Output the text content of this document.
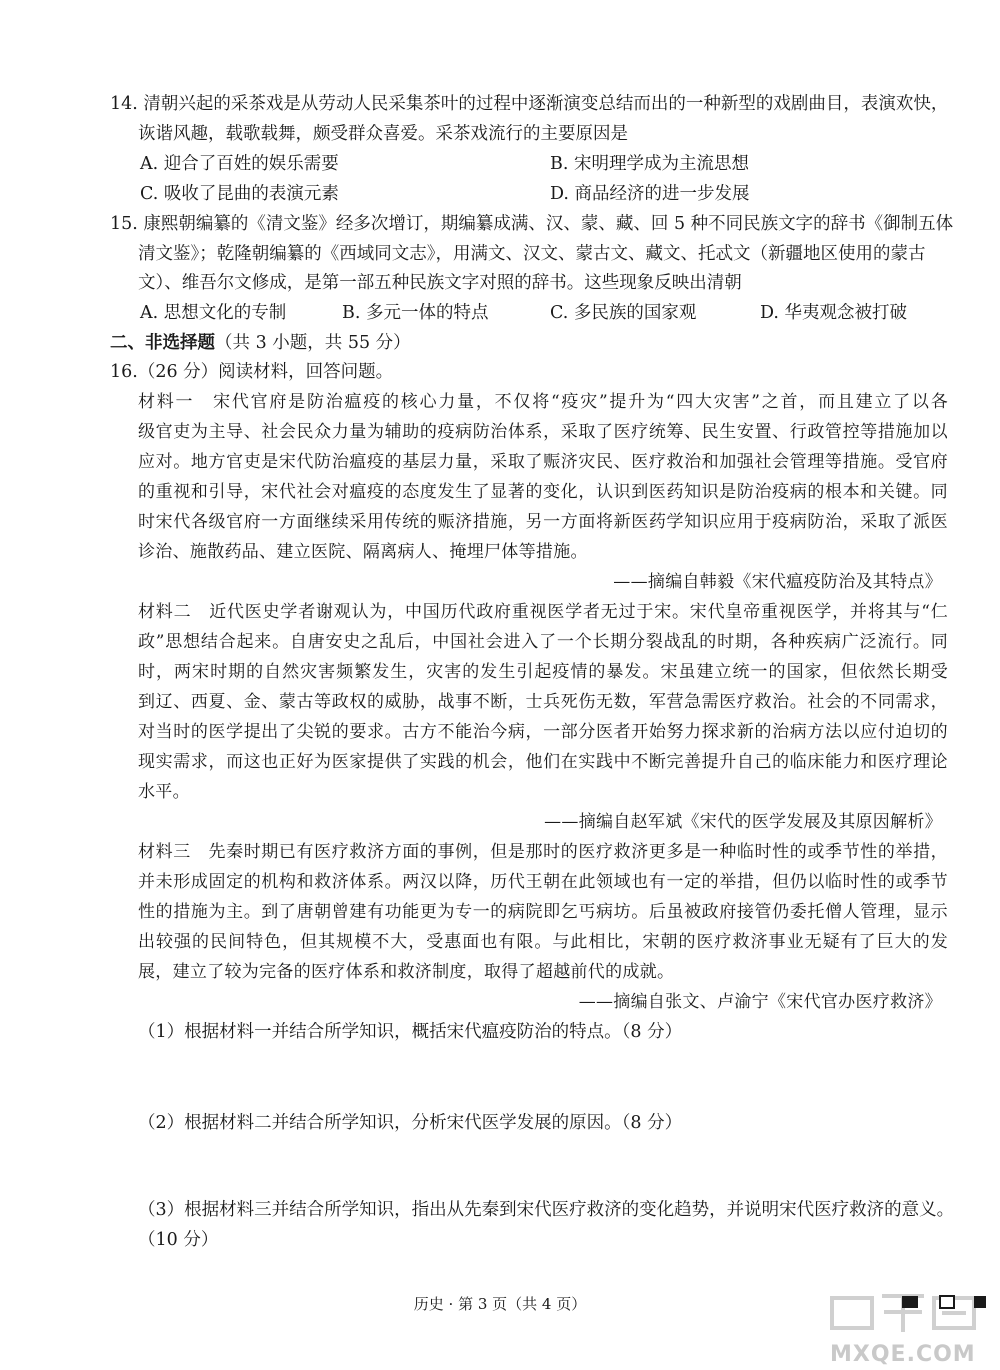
14. 清朝兴起的采茶戏是从劳动人民采集茶叶的过程中逐渐演变总结而出的一种新型的戏剧曲目，表演欢快，
诙谐风趣，载歌载舞，颇受群众喜爱。采茶戏流行的主要原因是
A. 迎合了百姓的娱乐需要	B. 宋明理学成为主流思想
C. 吸收了昆曲的表演元素	D. 商品经济的进一步发展
15. 康熙朝编纂的《清文鉴》经多次增订，期编纂成满、汉、蒙、藏、回 5 种不同民族文字的辞书《御制五体
清文鉴》；乾隆朝编纂的《西域同文志》，用满文、汉文、蒙古文、藏文、托忒文（新疆地区使用的蒙古
文）、维吾尔文修成，是第一部五种民族文字对照的辞书。这些现象反映出清朝
A. 思想文化的专制	B. 多元一体的特点	C. 多民族的国家观	D. 华夷观念被打破
二、非选择题（共 3 小题，共 55 分）
16.（26 分）阅读材料，回答问题。
材料一　宋代官府是防治瘟疫的核心力量，不仅将“疫灾”提升为“四大灾害”之首，而且建立了以各
级官吏为主导、社会民众力量为辅助的疫病防治体系，采取了医疗统筹、民生安置、行政管控等措施加以
应对。地方官吏是宋代防治瘟疫的基层力量，采取了赈济灾民、医疗救治和加强社会管理等措施。受官府
的重视和引导，宋代社会对瘟疫的态度发生了显著的变化，认识到医药知识是防治疫病的根本和关键。同
时宋代各级官府一方面继续采用传统的赈济措施，另一方面将新医药学知识应用于疫病防治，采取了派医
诊治、施散药品、建立医院、隔离病人、掩埋尸体等措施。
——摘编自韩毅《宋代瘟疫防治及其特点》
材料二　近代医史学者谢观认为，中国历代政府重视医学者无过于宋。宋代皇帝重视医学，并将其与“仁
政”思想结合起来。自唐安史之乱后，中国社会进入了一个长期分裂战乱的时期，各种疾病广泛流行。同
时，两宋时期的自然灾害频繁发生，灾害的发生引起疫情的暴发。宋虽建立统一的国家，但依然长期受
到辽、西夏、金、蒙古等政权的威胁，战事不断，士兵死伤无数，军营急需医疗救治。社会的不同需求，
对当时的医学提出了尖锐的要求。古方不能治今病，一部分医者开始努力探求新的治病方法以应付迫切的
现实需求，而这也正好为医家提供了实践的机会，他们在实践中不断完善提升自己的临床能力和医疗理论
水平。
——摘编自赵军斌《宋代的医学发展及其原因解析》
材料三　先秦时期已有医疗救济方面的事例，但是那时的医疗救济更多是一种临时性的或季节性的举措，
并未形成固定的机构和救济体系。两汉以降，历代王朝在此领域也有一定的举措，但仍以临时性的或季节
性的措施为主。到了唐朝曾建有功能更为专一的病院即乞丐病坊。后虽被政府接管仍委托僧人管理，显示
出较强的民间特色，但其规模不大，受惠面也有限。与此相比，宋朝的医疗救济事业无疑有了巨大的发
展，建立了较为完备的医疗体系和救济制度，取得了超越前代的成就。
——摘编自张文、卢渝宁《宋代官办医疗救济》
（1）根据材料一并结合所学知识，概括宋代瘟疫防治的特点。（8 分）
（2）根据材料二并结合所学知识，分析宋代医学发展的原因。（8 分）
（3）根据材料三并结合所学知识，指出从先秦到宋代医疗救济的变化趋势，并说明宋代医疗救济的意义。
（10 分）
历史 · 第 3 页（共 4 页）
MXQE.COM
